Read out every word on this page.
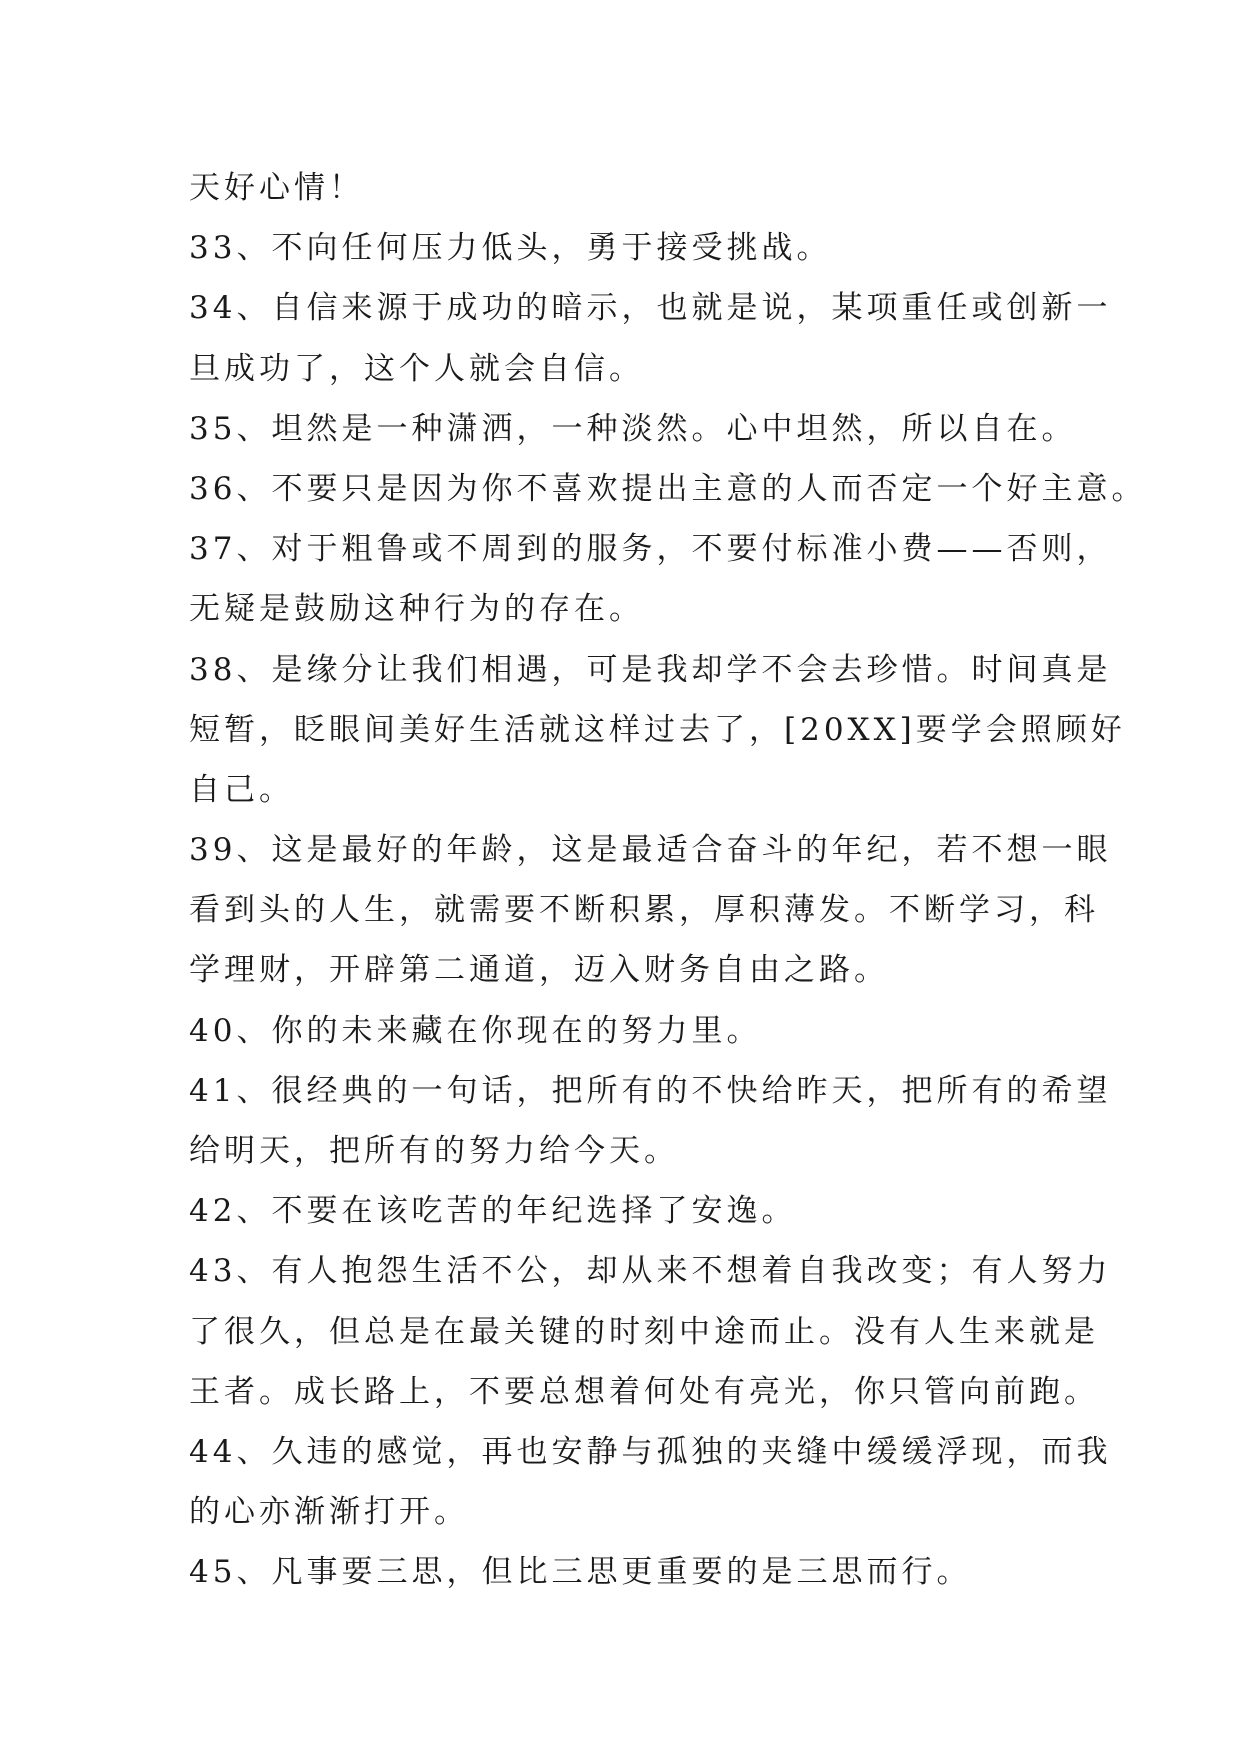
天好心情！
33、不向任何压力低头，勇于接受挑战。
34、自信来源于成功的暗示，也就是说，某项重任或创新一
旦成功了，这个人就会自信。
35、坦然是一种潇洒，一种淡然。心中坦然，所以自在。
36、不要只是因为你不喜欢提出主意的人而否定一个好主意。
37、对于粗鲁或不周到的服务，不要付标准小费——否则，
无疑是鼓励这种行为的存在。
38、是缘分让我们相遇，可是我却学不会去珍惜。时间真是
短暂，眨眼间美好生活就这样过去了，[20XX]要学会照顾好
自己。
39、这是最好的年龄，这是最适合奋斗的年纪，若不想一眼
看到头的人生，就需要不断积累，厚积薄发。不断学习，科
学理财，开辟第二通道，迈入财务自由之路。
40、你的未来藏在你现在的努力里。
41、很经典的一句话，把所有的不快给昨天，把所有的希望
给明天，把所有的努力给今天。
42、不要在该吃苦的年纪选择了安逸。
43、有人抱怨生活不公，却从来不想着自我改变；有人努力
了很久，但总是在最关键的时刻中途而止。没有人生来就是
王者。成长路上，不要总想着何处有亮光，你只管向前跑。
44、久违的感觉，再也安静与孤独的夹缝中缓缓浮现，而我
的心亦渐渐打开。
45、凡事要三思，但比三思更重要的是三思而行。
